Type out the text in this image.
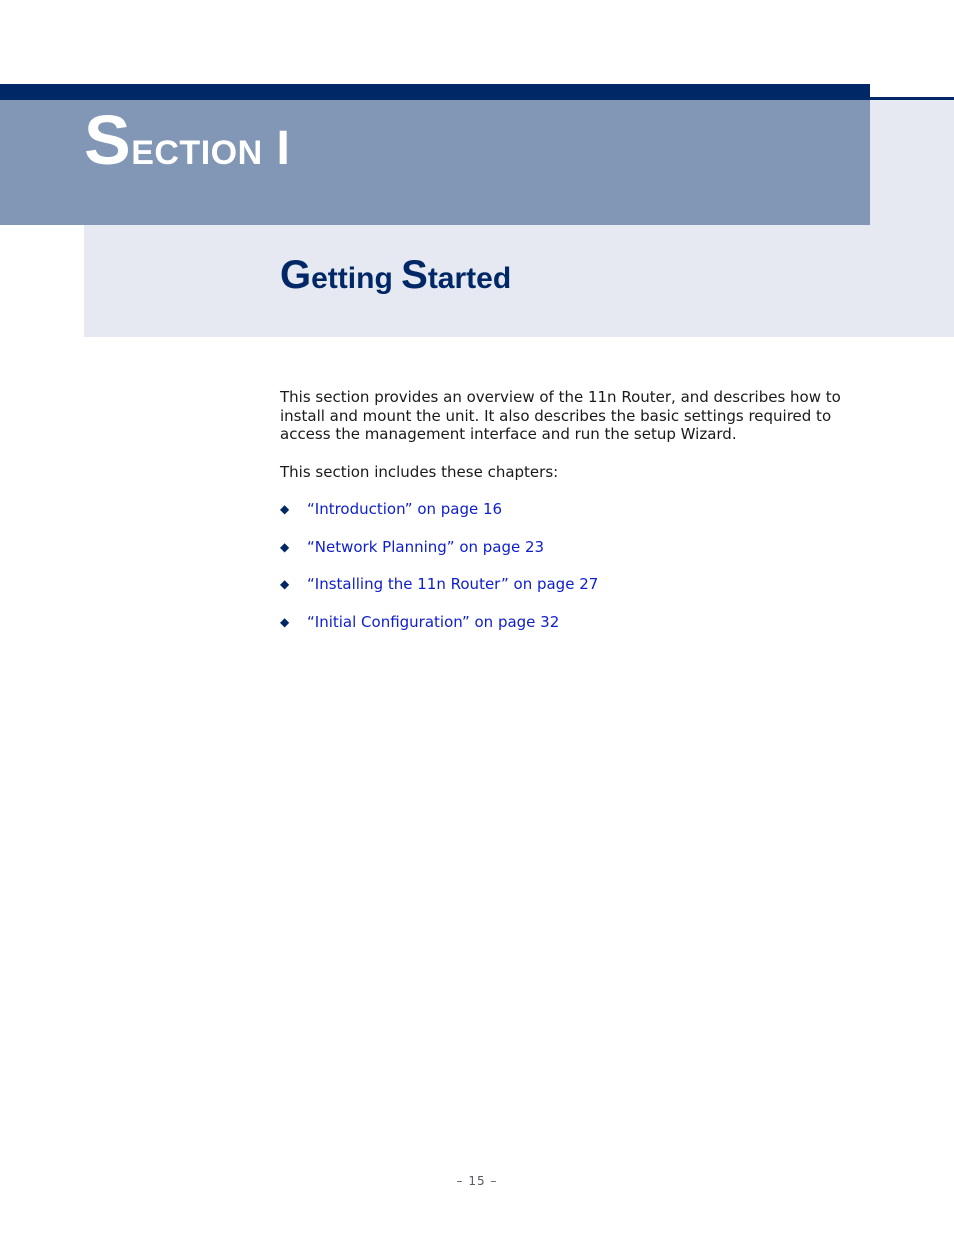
Section I
Getting Started

This section provides an overview of the 11n Router, and describes how to install and mount the unit. It also describes the basic settings required to access the management interface and run the setup Wizard.

This section includes these chapters:

◆	“Introduction” on page 16
◆	“Network Planning” on page 23
◆	“Installing the 11n Router” on page 27
◆	“Initial Configuration” on page 32
– 15 –
